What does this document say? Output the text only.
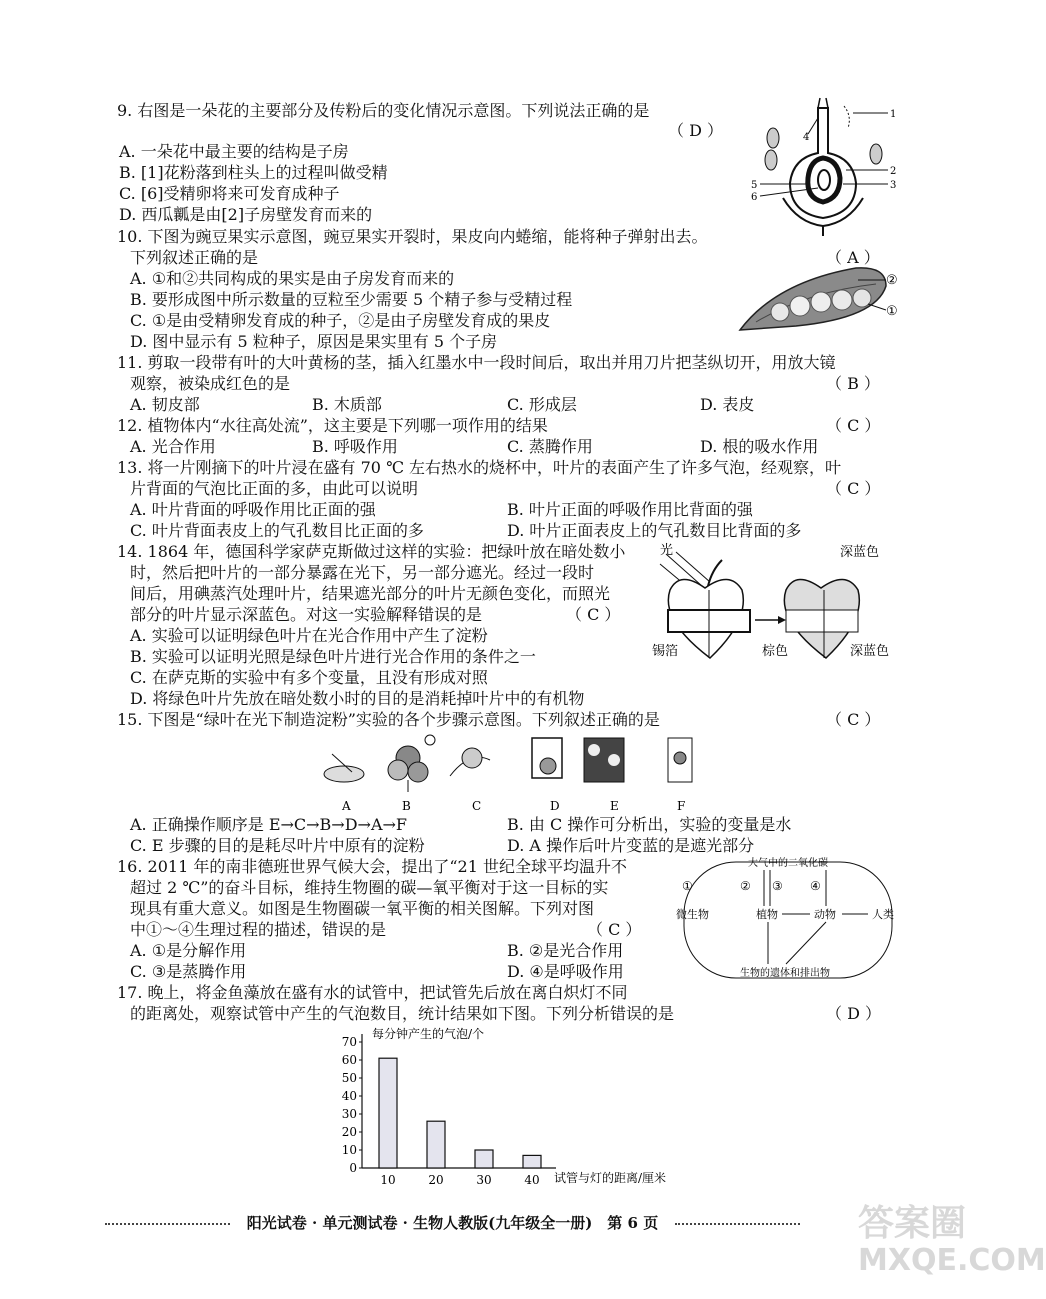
9. 右图是一朵花的主要部分及传粉后的变化情况示意图。下列说法正确的是
（ D ）
A. 一朵花中最主要的结构是子房
B. [1]花粉落到柱头上的过程叫做受精
C. [6]受精卵将来可发育成种子
D. 西瓜瓤是由[2]子房壁发育而来的
1
2
3
4
5
6
10. 下图为豌豆果实示意图，豌豆果实开裂时，果皮向内蜷缩，能将种子弹射出去。
下列叙述正确的是	（ A ）
A. ①和②共同构成的果实是由子房发育而来的
B. 要形成图中所示数量的豆粒至少需要 5 个精子参与受精过程
C. ①是由受精卵发育成的种子，②是由子房壁发育成的果皮
D. 图中显示有 5 粒种子，原因是果实里有 5 个子房
②
①
11. 剪取一段带有叶的大叶黄杨的茎，插入红墨水中一段时间后，取出并用刀片把茎纵切开，用放大镜
观察，被染成红色的是	（ B ）
A. 韧皮部	B. 木质部	C. 形成层	D. 表皮
12. 植物体内“水往高处流”，这主要是下列哪一项作用的结果	（ C ）
A. 光合作用	B. 呼吸作用	C. 蒸腾作用	D. 根的吸水作用
13. 将一片刚摘下的叶片浸在盛有 70 ℃ 左右热水的烧杯中，叶片的表面产生了许多气泡，经观察，叶
片背面的气泡比正面的多，由此可以说明	（ C ）
A. 叶片背面的呼吸作用比正面的强	B. 叶片正面的呼吸作用比背面的强
C. 叶片背面表皮上的气孔数目比正面的多	D. 叶片正面表皮上的气孔数目比背面的多
14. 1864 年，德国科学家萨克斯做过这样的实验：把绿叶放在暗处数小
时，然后把叶片的一部分暴露在光下，另一部分遮光。经过一段时
间后，用碘蒸汽处理叶片，结果遮光部分的叶片无颜色变化，而照光
部分的叶片显示深蓝色。对这一实验解释错误的是	（ C ）
A. 实验可以证明绿色叶片在光合作用中产生了淀粉
B. 实验可以证明光照是绿色叶片进行光合作用的条件之一
C. 在萨克斯的实验中有多个变量，且没有形成对照
D. 将绿色叶片先放在暗处数小时的目的是消耗掉叶片中的有机物
光
锡箔
深蓝色
棕色	深蓝色
15. 下图是“绿叶在光下制造淀粉”实验的各个步骤示意图。下列叙述正确的是	（ C ）
A	B	C	D	E	F
A. 正确操作顺序是 E→C→B→D→A→F	B. 由 C 操作可分析出，实验的变量是水
C. E 步骤的目的是耗尽叶片中原有的淀粉	D. A 操作后叶片变蓝的是遮光部分
16. 2011 年的南非德班世界气候大会，提出了“21 世纪全球平均温升不
超过 2 ℃”的奋斗目标，维持生物圈的碳—氧平衡对于这一目标的实
现具有重大意义。如图是生物圈碳一氧平衡的相关图解。下列对图
中①～④生理过程的描述，错误的是	（ C ）
A. ①是分解作用	B. ②是光合作用
C. ③是蒸腾作用	D. ④是呼吸作用
大气中的二氧化碳
①	② ③ ④
微生物	植物	动物	人类
生物的遗体和排出物
17. 晚上，将金鱼藻放在盛有水的试管中，把试管先后放在离白炽灯不同
的距离处，观察试管中产生的气泡数目，统计结果如下图。下列分析错误的是	（ D ）
每分钟产生的气泡/个
试管与灯的距离/厘米
0
10
20
30
40
50
60
70
10	20	30	40
阳光试卷 · 单元测试卷 · 生物人教版(九年级全一册)　第 6 页	答案圈
MXQE.COM
